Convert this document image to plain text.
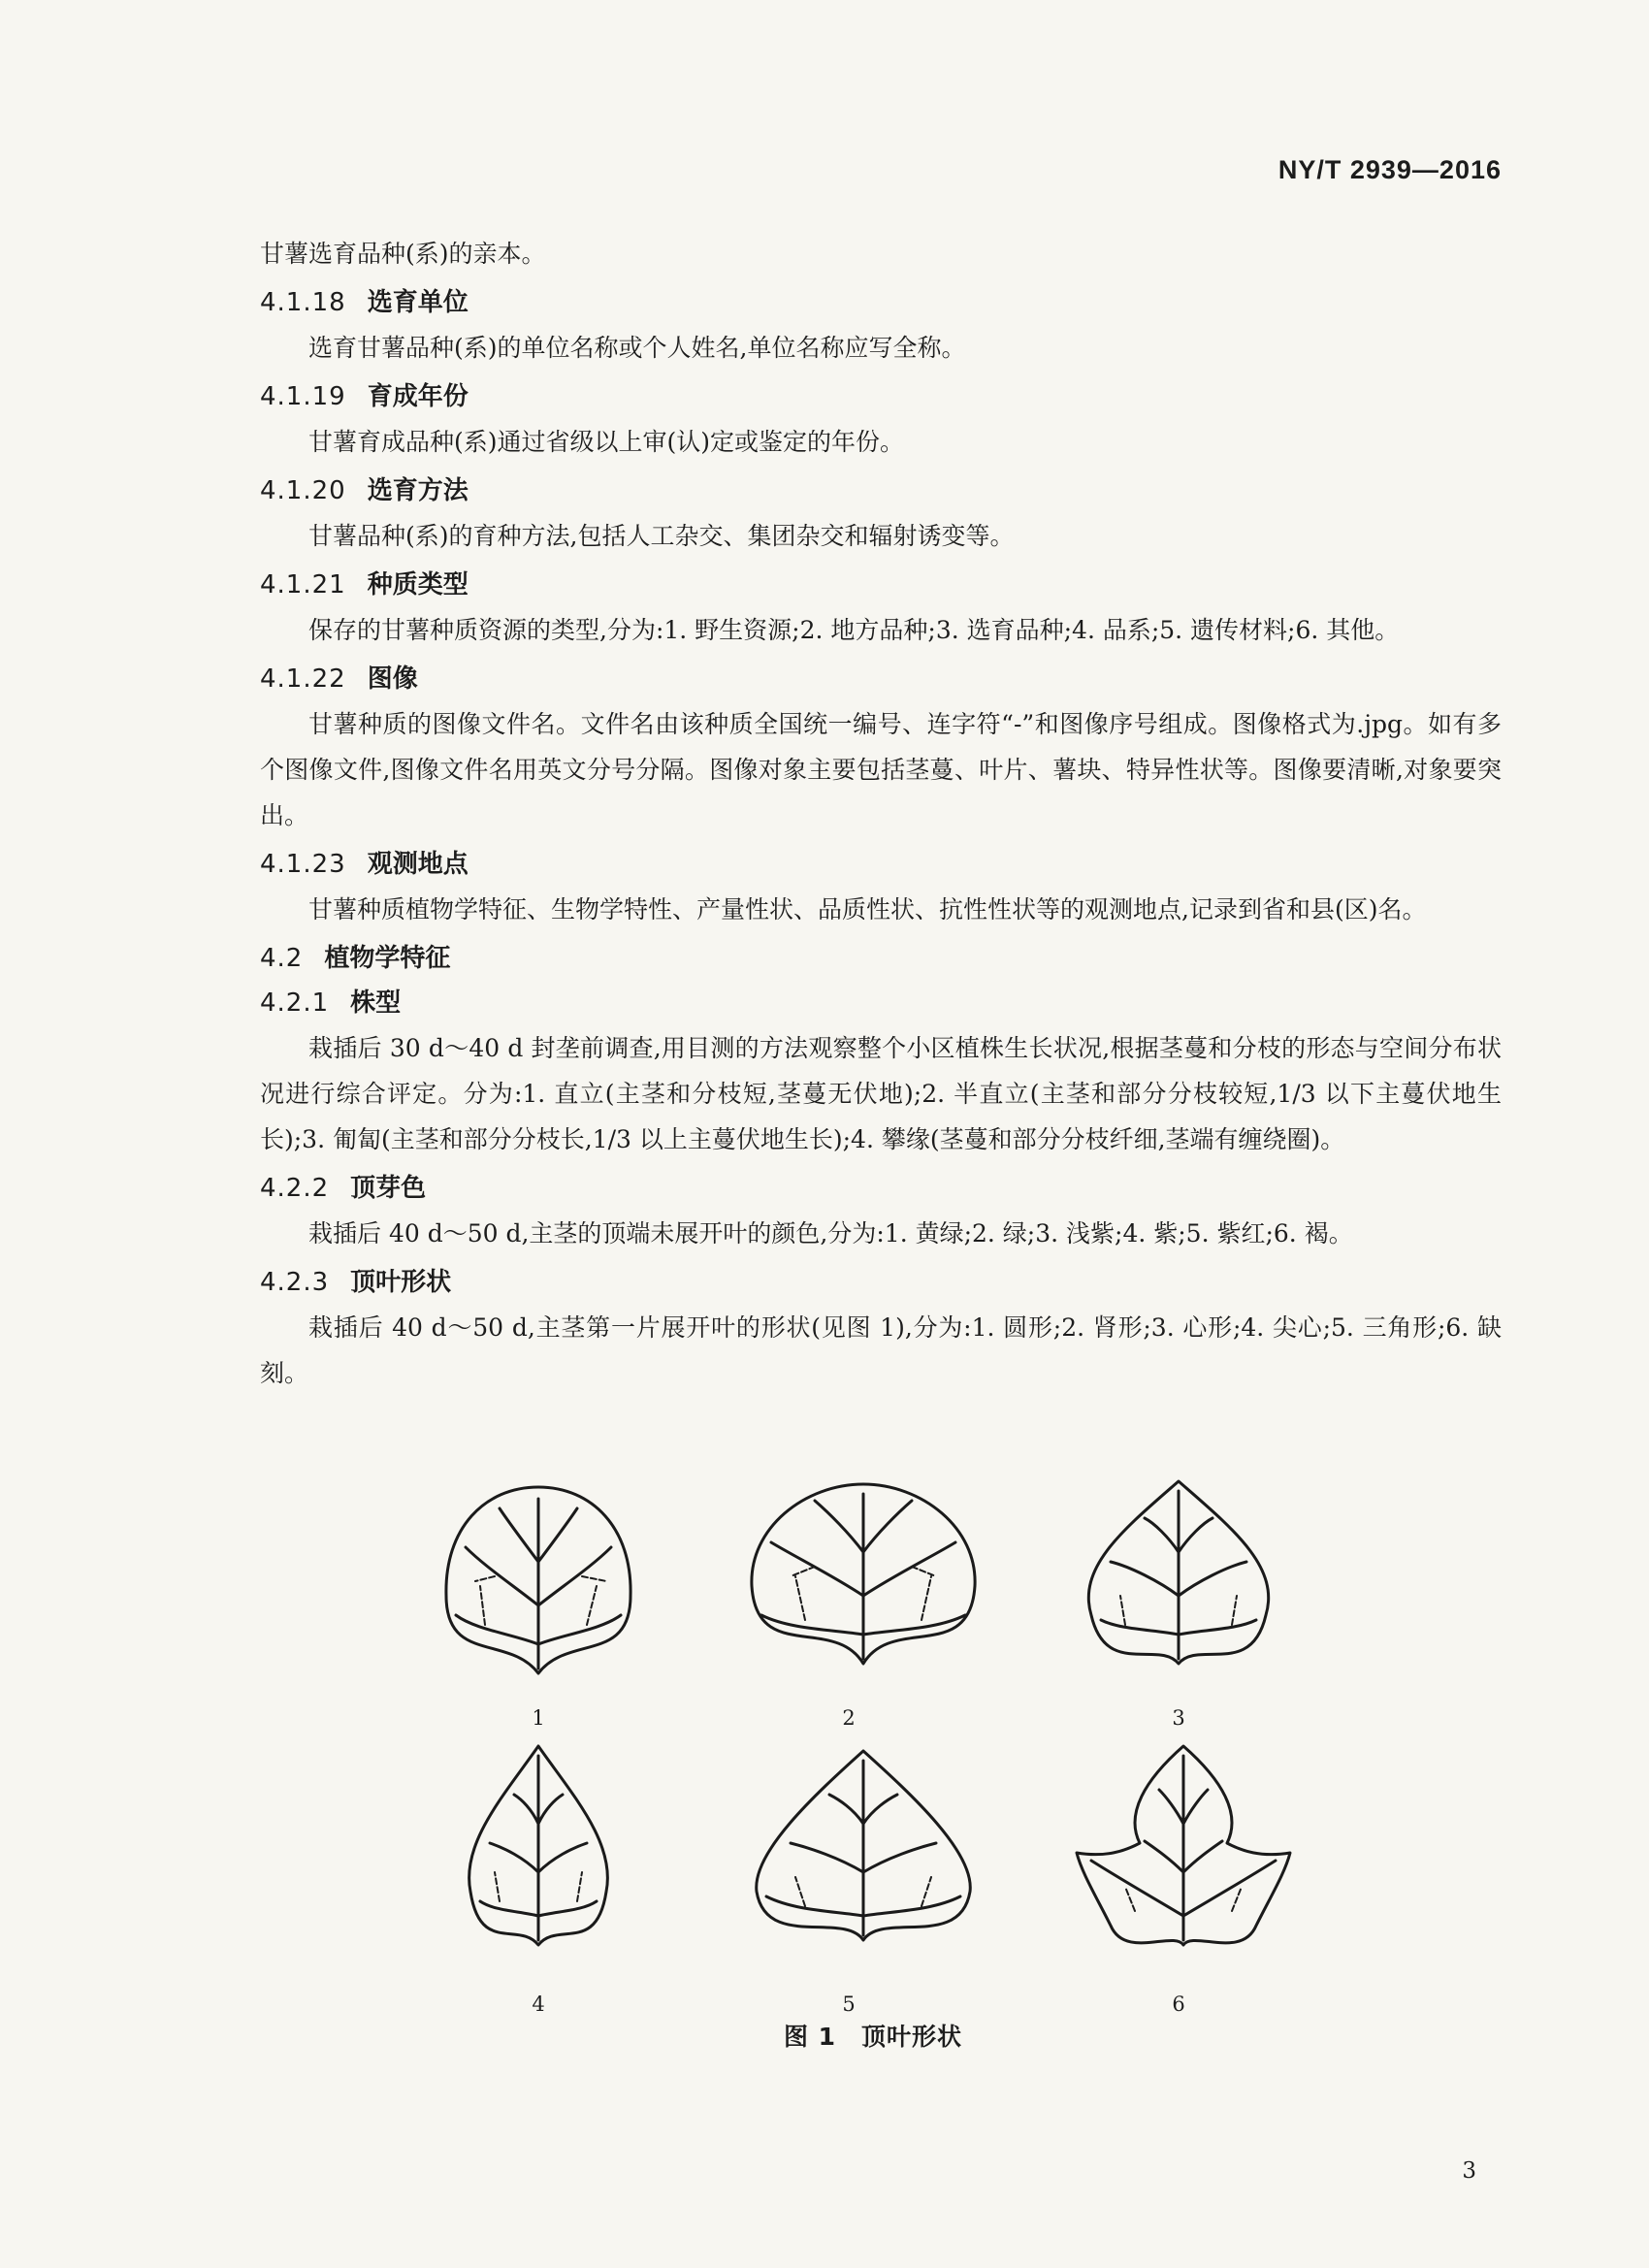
NY/T 2939—2016

甘薯选育品种(系)的亲本。

4.1.18 选育单位

选育甘薯品种(系)的单位名称或个人姓名,单位名称应写全称。

4.1.19 育成年份

甘薯育成品种(系)通过省级以上审(认)定或鉴定的年份。

4.1.20 选育方法

甘薯品种(系)的育种方法,包括人工杂交、集团杂交和辐射诱变等。

4.1.21 种质类型

保存的甘薯种质资源的类型,分为:1. 野生资源;2. 地方品种;3. 选育品种;4. 品系;5. 遗传材料;6. 其他。

4.1.22 图像

甘薯种质的图像文件名。文件名由该种质全国统一编号、连字符“-”和图像序号组成。图像格式为.jpg。如有多个图像文件,图像文件名用英文分号分隔。图像对象主要包括茎蔓、叶片、薯块、特异性状等。图像要清晰,对象要突出。

4.1.23 观测地点

甘薯种质植物学特征、生物学特性、产量性状、品质性状、抗性性状等的观测地点,记录到省和县(区)名。

4.2 植物学特征
4.2.1 株型

栽插后 30 d～40 d 封垄前调查,用目测的方法观察整个小区植株生长状况,根据茎蔓和分枝的形态与空间分布状况进行综合评定。分为:1. 直立(主茎和分枝短,茎蔓无伏地);2. 半直立(主茎和部分分枝较短,1/3 以下主蔓伏地生长);3. 匍匐(主茎和部分分枝长,1/3 以上主蔓伏地生长);4. 攀缘(茎蔓和部分分枝纤细,茎端有缠绕圈)。

4.2.2 顶芽色

栽插后 40 d～50 d,主茎的顶端未展开叶的颜色,分为:1. 黄绿;2. 绿;3. 浅紫;4. 紫;5. 紫红;6. 褐。

4.2.3 顶叶形状

栽插后 40 d～50 d,主茎第一片展开叶的形状(见图 1),分为:1. 圆形;2. 肾形;3. 心形;4. 尖心;5. 三角形;6. 缺刻。

1	2	3
4	5	6
图 1 顶叶形状
3
